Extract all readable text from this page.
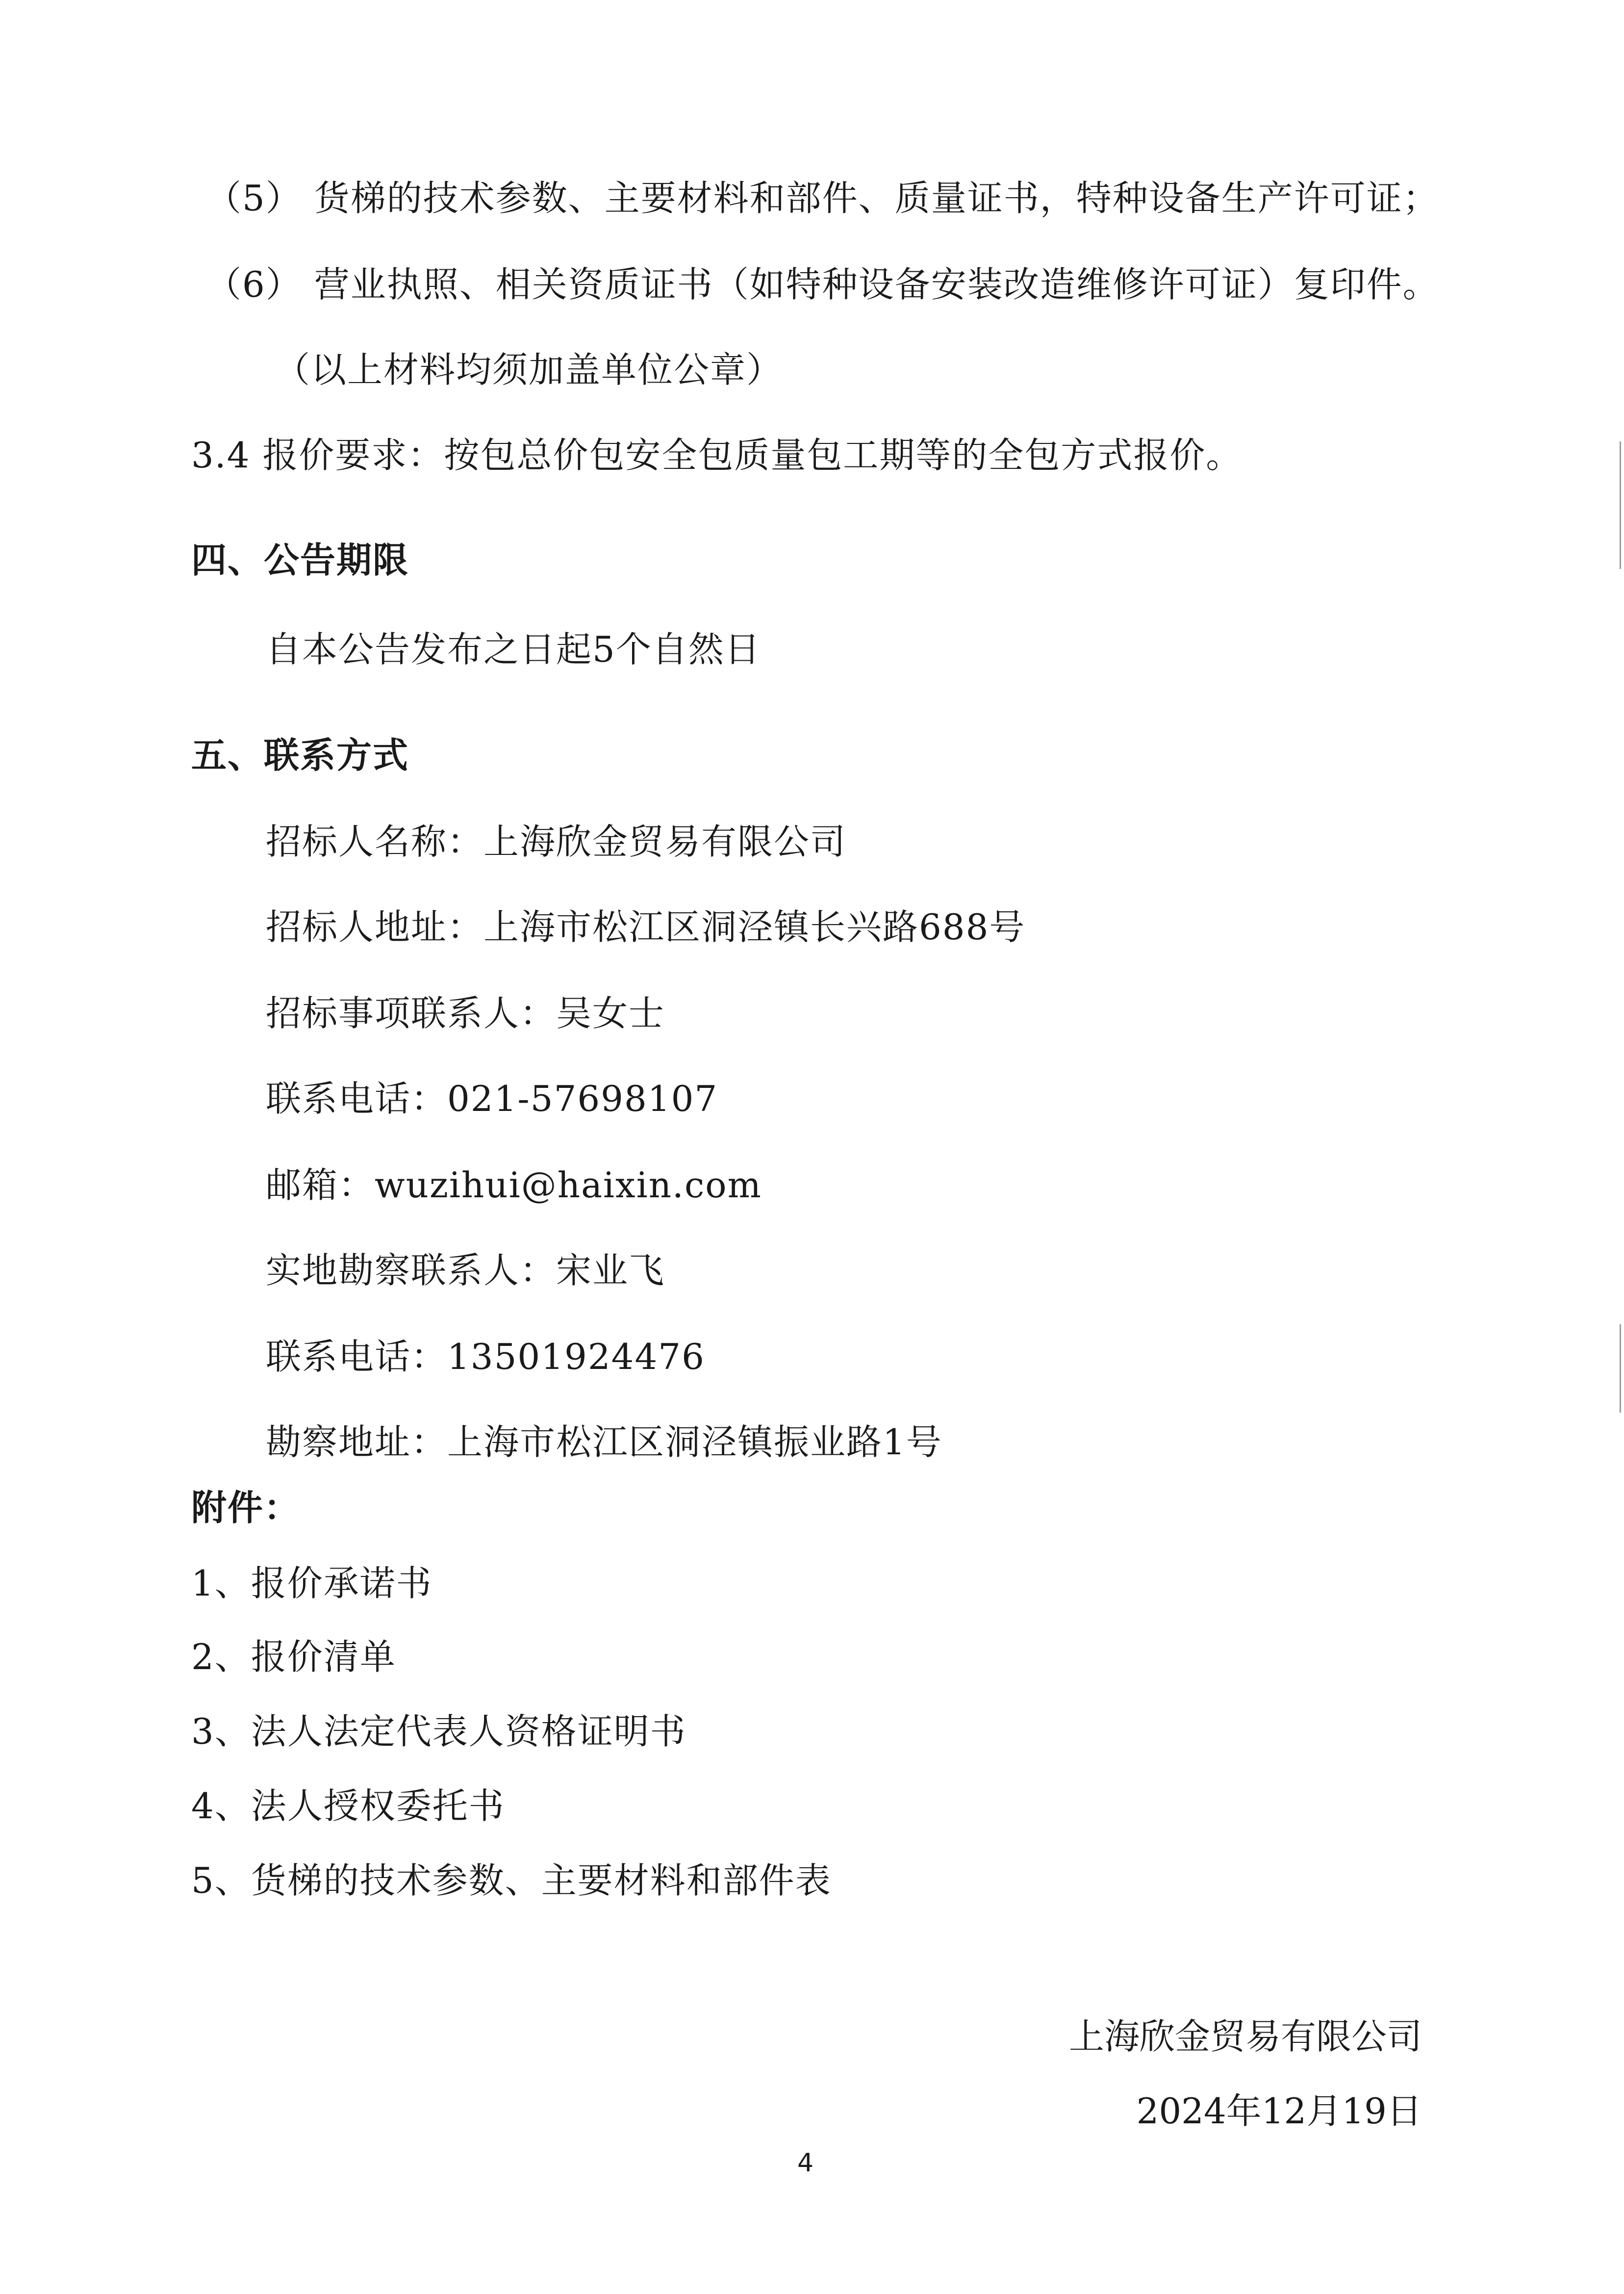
（5） 货梯的技术参数、主要材料和部件、质量证书，特种设备生产许可证；
（6） 营业执照、相关资质证书（如特种设备安装改造维修许可证）复印件。
（以上材料均须加盖单位公章）
3.4 报价要求：按包总价包安全包质量包工期等的全包方式报价。
四、公告期限
自本公告发布之日起5个自然日
五、联系方式
招标人名称：上海欣金贸易有限公司
招标人地址：上海市松江区洞泾镇长兴路688号
招标事项联系人：吴女士
联系电话：021-57698107
邮箱：wuzihui@haixin.com
实地勘察联系人：宋业飞
联系电话：13501924476
勘察地址：上海市松江区洞泾镇振业路1号
附件：
1、报价承诺书
2、报价清单
3、法人法定代表人资格证明书
4、法人授权委托书
5、货梯的技术参数、主要材料和部件表
上海欣金贸易有限公司
2024年12月19日
4
